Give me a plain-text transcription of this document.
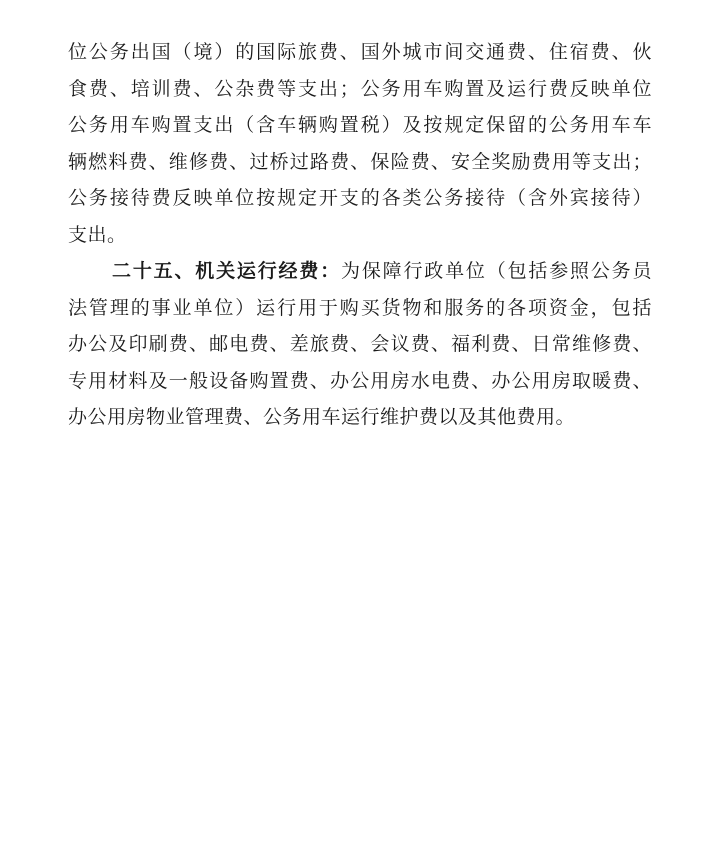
位公务出国（境）的国际旅费、国外城市间交通费、住宿费、伙
食费、培训费、公杂费等支出；公务用车购置及运行费反映单位
公务用车购置支出（含车辆购置税）及按规定保留的公务用车车
辆燃料费、维修费、过桥过路费、保险费、安全奖励费用等支出；
公务接待费反映单位按规定开支的各类公务接待（含外宾接待）
支出。
二十五、机关运行经费：为保障行政单位（包括参照公务员
法管理的事业单位）运行用于购买货物和服务的各项资金，包括
办公及印刷费、邮电费、差旅费、会议费、福利费、日常维修费、
专用材料及一般设备购置费、办公用房水电费、办公用房取暖费、
办公用房物业管理费、公务用车运行维护费以及其他费用。
